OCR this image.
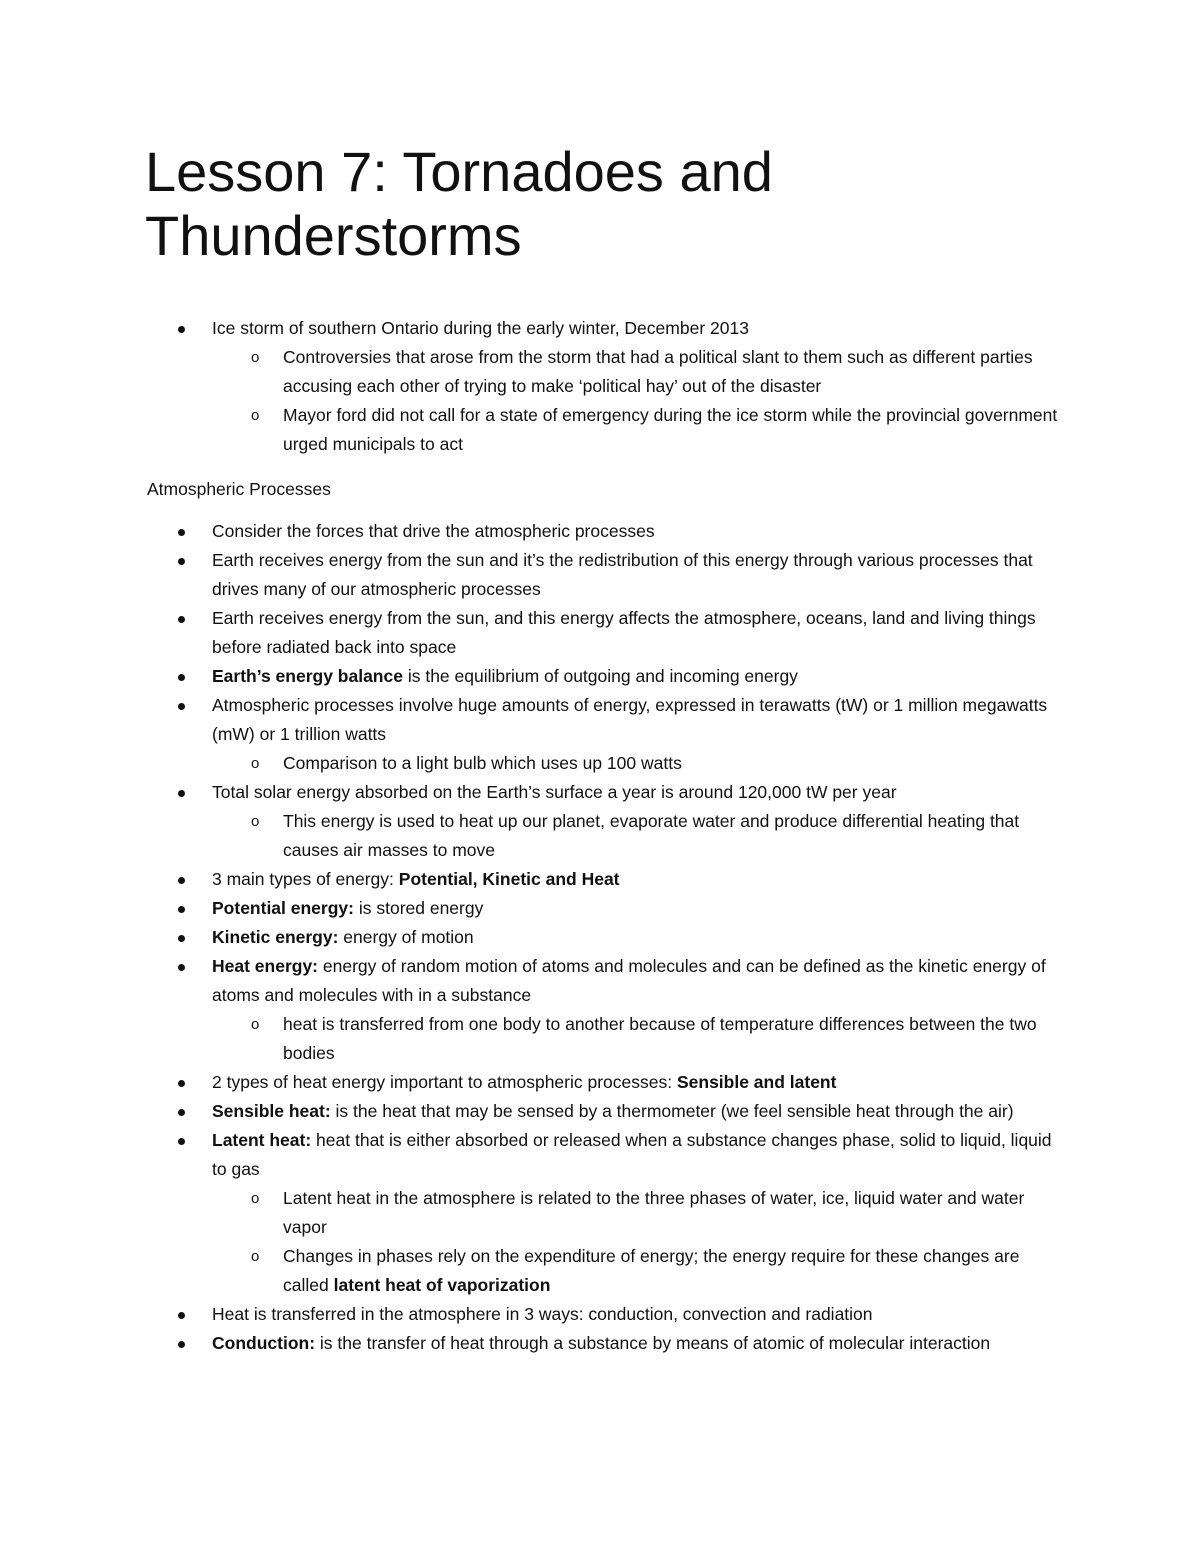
Lesson 7: Tornadoes and Thunderstorms
Ice storm of southern Ontario during the early winter, December 2013
o Controversies that arose from the storm that had a political slant to them such as different parties accusing each other of trying to make ‘political hay’ out of the disaster
o Mayor ford did not call for a state of emergency during the ice storm while the provincial government urged municipals to act
Atmospheric Processes
Consider the forces that drive the atmospheric processes
Earth receives energy from the sun and it’s the redistribution of this energy through various processes that drives many of our atmospheric processes
Earth receives energy from the sun, and this energy affects the atmosphere, oceans, land and living things before radiated back into space
Earth’s energy balance is the equilibrium of outgoing and incoming energy
Atmospheric processes involve huge amounts of energy, expressed in terawatts (tW) or 1 million megawatts (mW) or 1 trillion watts
o Comparison to a light bulb which uses up 100 watts
Total solar energy absorbed on the Earth’s surface a year is around 120,000 tW per year
o This energy is used to heat up our planet, evaporate water and produce differential heating that causes air masses to move
3 main types of energy: Potential, Kinetic and Heat
Potential energy: is stored energy
Kinetic energy: energy of motion
Heat energy: energy of random motion of atoms and molecules and can be defined as the kinetic energy of atoms and molecules with in a substance
o heat is transferred from one body to another because of temperature differences between the two bodies
2 types of heat energy important to atmospheric processes: Sensible and latent
Sensible heat: is the heat that may be sensed by a thermometer (we feel sensible heat through the air)
Latent heat: heat that is either absorbed or released when a substance changes phase, solid to liquid, liquid to gas
o Latent heat in the atmosphere is related to the three phases of water, ice, liquid water and water vapor
o Changes in phases rely on the expenditure of energy; the energy require for these changes are called latent heat of vaporization
Heat is transferred in the atmosphere in 3 ways: conduction, convection and radiation
Conduction: is the transfer of heat through a substance by means of atomic of molecular interaction
